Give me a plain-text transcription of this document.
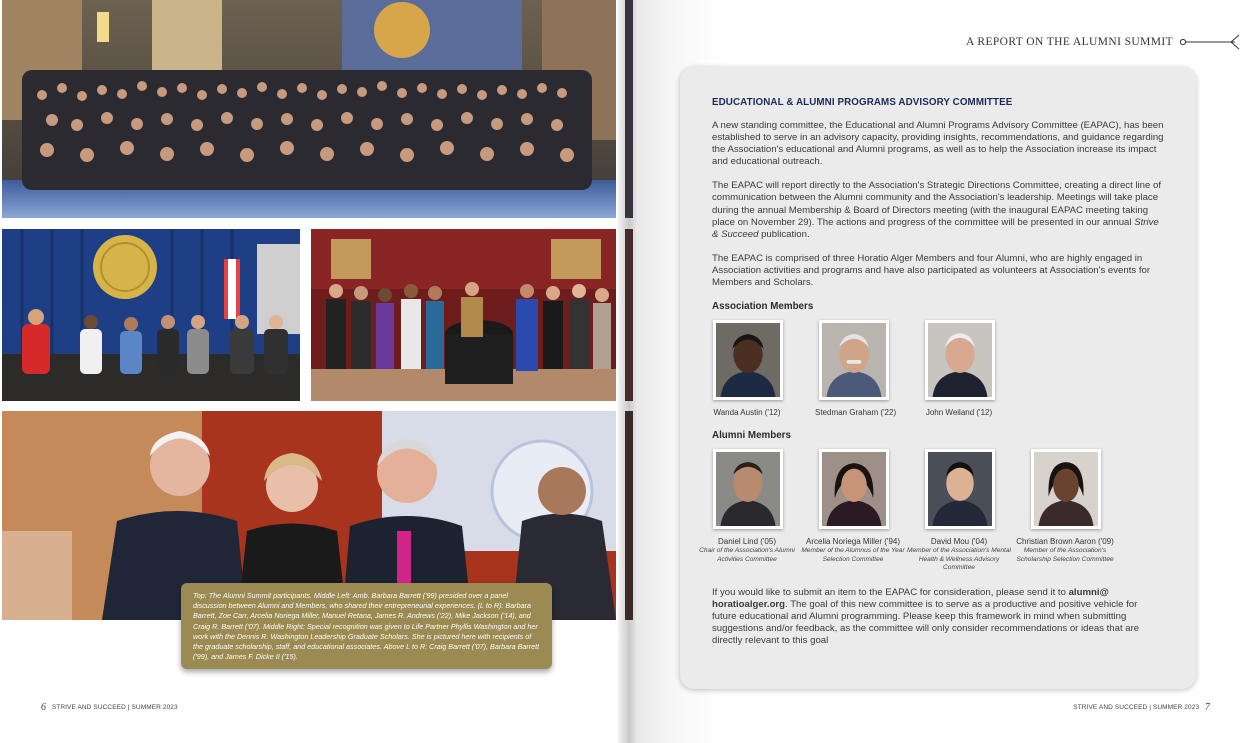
Top: The Alumni Summit participants. Middle Left: Amb. Barbara Barrett ('99) presided over a panel discussion between Alumni and Members, who shared their entrepreneurial experiences. (L to R): Barbara Barrett, Zoe Carr, Arcelia Noriega Miller, Manuel Retana, James R. Andrews ('22), Mike Jackson ('14), and Craig R. Barrett ('07). Middle Right: Special recognition was given to Life Partner Phyllis Washington and her work with the Dennis R. Washington Leadership Graduate Scholars. She is pictured here with recipients of the graduate scholarship, staff, and educational associates. Above L to R: Craig Barrett ('07), Barbara Barrett ('99), and James F. Dicke II ('15).
6 STRIVE AND SUCCEED | SUMMER 2023
A REPORT ON THE ALUMNI SUMMIT
EDUCATIONAL & ALUMNI PROGRAMS ADVISORY COMMITTEE

A new standing committee, the Educational and Alumni Programs Advisory Committee (EAPAC), has been established to serve in an advisory capacity, providing insights, recommendations, and guidance regarding the Association's educational and Alumni programs, as well as to help the Association increase its impact and educational outreach.

The EAPAC will report directly to the Association's Strategic Directions Committee, creating a direct line of communication between the Alumni community and the Association's leadership. Meetings will take place during the annual Membership & Board of Directors meeting (with the inaugural EAPAC meeting taking place on November 29). The actions and progress of the committee will be presented in our annual Strive & Succeed publication.

The EAPAC is comprised of three Horatio Alger Members and four Alumni, who are highly engaged in Association activities and programs and have also participated as volunteers at Association's events for Members and Scholars.

Association Members
Wanda Austin ('12)	Stedman Graham ('22)	John Weiland ('12)
Alumni Members
Daniel Lind ('05)
Chair of the Association's Alumni Activities Committee
Arcelia Noriega Miller ('94)
Member of the Alumnus of the Year Selection Committee
David Mou ('04)
Member of the Association's Mental Health & Wellness Advisory Committee
Christian Brown Aaron ('09)
Member of the Association's Scholarship Selection Committee

If you would like to submit an item to the EAPAC for consideration, please send it to alumni@ horatioalger.org. The goal of this new committee is to serve as a productive and positive vehicle for future educational and Alumni programming. Please keep this framework in mind when submitting suggestions and/or feedback, as the committee will only consider recommendations or ideas that are directly relevant to this goal

STRIVE AND SUCCEED | SUMMER 2023 7
